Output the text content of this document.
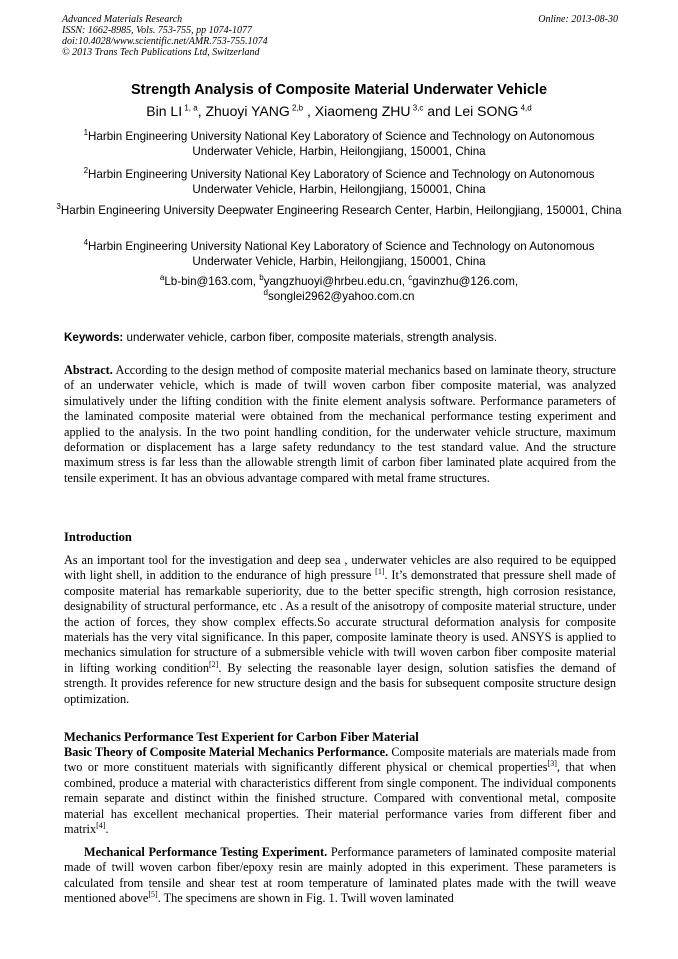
Advanced Materials Research
ISSN: 1662-8985, Vols. 753-755, pp 1074-1077
doi:10.4028/www.scientific.net/AMR.753-755.1074
© 2013 Trans Tech Publications Ltd, Switzerland
Online: 2013-08-30
Strength Analysis of Composite Material Underwater Vehicle
Bin LI $^{1, a}$, Zhuoyi YANG $^{2,b}$ , Xiaomeng ZHU $^{3,c}$ and Lei SONG $^{4,d}$
$^1$Harbin Engineering University National Key Laboratory of Science and Technology on Autonomous Underwater Vehicle, Harbin, Heilongjiang, 150001, China
$^2$Harbin Engineering University National Key Laboratory of Science and Technology on Autonomous Underwater Vehicle, Harbin, Heilongjiang, 150001, China
$^3$Harbin Engineering University Deepwater Engineering Research Center, Harbin, Heilongjiang, 150001, China
$^4$Harbin Engineering University National Key Laboratory of Science and Technology on Autonomous Underwater Vehicle, Harbin, Heilongjiang, 150001, China
$^a$Lb-bin@163.com, $^b$yangzhuoyi@hrbeu.edu.cn, $^c$gavinzhu@126.com,
$^d$songlei2962@yahoo.com.cn
Keywords: underwater vehicle, carbon fiber, composite materials, strength analysis.
Abstract. According to the design method of composite material mechanics based on laminate theory, structure of an underwater vehicle, which is made of twill woven carbon fiber composite material, was analyzed simulatively under the lifting condition with the finite element analysis software. Performance parameters of the laminated composite material were obtained from the mechanical performance testing experiment and applied to the analysis. In the two point handling condition, for the underwater vehicle structure, maximum deformation or displacement has a large safety redundancy to the test standard value. And the structure maximum stress is far less than the allowable strength limit of carbon fiber laminated plate acquired from the tensile experiment. It has an obvious advantage compared with metal frame structures.
Introduction
As an important tool for the investigation and deep sea , underwater vehicles are also required to be equipped with light shell, in addition to the endurance of high pressure [1]. It’s demonstrated that pressure shell made of composite material has remarkable superiority, due to the better specific strength, high corrosion resistance, designability of structural performance, etc . As a result of the anisotropy of composite material structure, under the action of forces, they show complex effects.So accurate structural deformation analysis for composite materials has the very vital significance. In this paper, composite laminate theory is used. ANSYS is applied to mechanics simulation for structure of a submersible vehicle with twill woven carbon fiber composite material in lifting working condition[2]. By selecting the reasonable layer design, solution satisfies the demand of strength. It provides reference for new structure design and the basis for subsequent composite structure design optimization.
Mechanics Performance Test Experient for Carbon Fiber Material
Basic Theory of Composite Material Mechanics Performance. Composite materials are materials made from two or more constituent materials with significantly different physical or chemical properties[3], that when combined, produce a material with characteristics different from single component. The individual components remain separate and distinct within the finished structure. Compared with conventional metal, composite material has excellent mechanical properties. Their material performance varies from different fiber and matrix[4].
Mechanical Performance Testing Experiment. Performance parameters of laminated composite material made of twill woven carbon fiber/epoxy resin are mainly adopted in this experiment. These parameters is calculated from tensile and shear test at room temperature of laminated plates made with the twill weave mentioned above[5]. The specimens are shown in Fig. 1. Twill woven laminated
